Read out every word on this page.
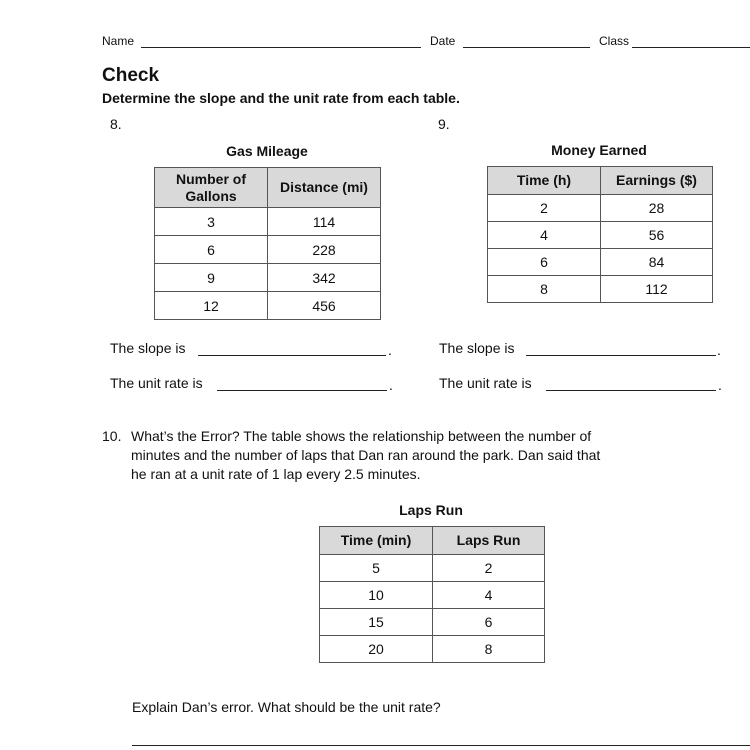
Name	Date	Class
Check
Determine the slope and the unit rate from each table.
8.
Gas Mileage
Number of Gallons	Distance (mi)
3	114
6	228
9	342
12	456
The slope is	.
The unit rate is	.
9.
Money Earned
Time (h)	Earnings ($)
2	28
4	56
6	84
8	112
The slope is	.
The unit rate is	.
10. What’s the Error? The table shows the relationship between the number of minutes and the number of laps that Dan ran around the park. Dan said that he ran at a unit rate of 1 lap every 2.5 minutes.
Laps Run
Time (min)	Laps Run
5	2
10	4
15	6
20	8
Explain Dan’s error. What should be the unit rate?
